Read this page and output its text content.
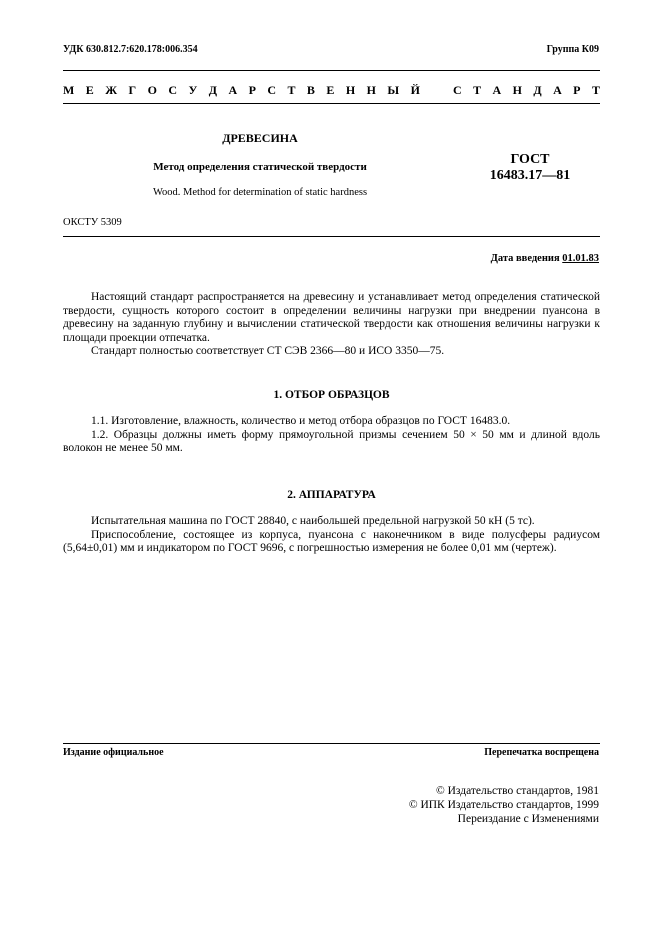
УДК 630.812.7:620.178:006.354	Группа К09
М Е Ж Г О С У Д А Р С Т В Е Н Н Ы Й	С Т А Н Д А Р Т
ДРЕВЕСИНА
Метод определения статической твердости
Wood. Method for determination of static hardness
ГОСТ
16483.17—81
ОКСТУ 5309
Дата введения 01.01.83

Настоящий стандарт распространяется на древесину и устанавливает метод определения статической твердости, сущность которого состоит в определении величины нагрузки при внедрении пуансона в древесину на заданную глубину и вычислении статической твердости как отношения величины нагрузки к площади проекции отпечатка.

Стандарт полностью соответствует СТ СЭВ 2366—80 и ИСО 3350—75.

1. ОТБОР ОБРАЗЦОВ

1.1. Изготовление, влажность, количество и метод отбора образцов по ГОСТ 16483.0.

1.2. Образцы должны иметь форму прямоугольной призмы сечением 50 × 50 мм и длиной вдоль волокон не менее 50 мм.

2. АППАРАТУРА

Испытательная машина по ГОСТ 28840, с наибольшей предельной нагрузкой 50 кН (5 тс).

Приспособление, состоящее из корпуса, пуансона с наконечником в виде полусферы радиусом (5,64±0,01) мм и индикатором по ГОСТ 9696, с погрешностью измерения не более 0,01 мм (чертеж).

Издание официальное	Перепечатка воспрещена
© Издательство стандартов, 1981
© ИПК Издательство стандартов, 1999
Переиздание с Изменениями
